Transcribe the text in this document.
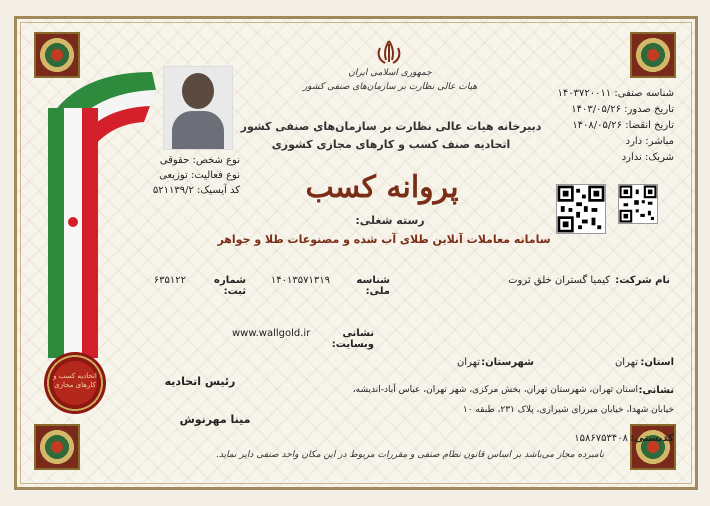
جمهوری اسلامی ایران
هیات عالی نظارت بر سازمان‌های صنفی کشور
دبیرخانه هیات عالی نظارت بر سازمان‌های صنفی کشور
اتحادیه صنف کسب و کارهای مجازی کشوری
نوع شخص: حقوقی
نوع فعالیت: توزیعی
کد آیسیک: ۵۲۱۱۳۹/۲
شناسه صنفی: ۱۴۰۳۷۲۰۰۱۱
تاریخ صدور: ۱۴۰۳/۰۵/۲۶
تاریخ انقضا: ۱۴۰۸/۰۵/۲۶
مباشر: دارد
شریک: ندارد
پروانه کسب
رسته شغلی:
سامانه معاملات آنلاین طلای آب شده و مصنوعات طلا و جواهر
نام شرکت:
کیمیا گستران خلق ثروت
شناسه ملی:
۱۴۰۱۳۵۷۱۳۱۹
شماره ثبت:
۶۳۵۱۲۲
نشانی وبسایت:
www.wallgold.ir
استان:
تهران
شهرستان:
تهران
نشانی:
استان تهران، شهرستان تهران، بخش مرکزی، شهر تهران، عباس آباد-اندیشه،
خیابان شهدا، خیابان میرزای شیرازی، پلاک ۲۳۱، طبقه ۱۰
کدپستی:
۱۵۸۶۷۵۳۴۰۸
رئیس اتحادیه
مینا مهرنوش
اتحادیه کسب و کارهای مجازی
نامبرده مجاز می‌باشد بر اساس قانون نظام صنفی و مقررات مربوط در این مکان واحد صنفی دایر نماید.
